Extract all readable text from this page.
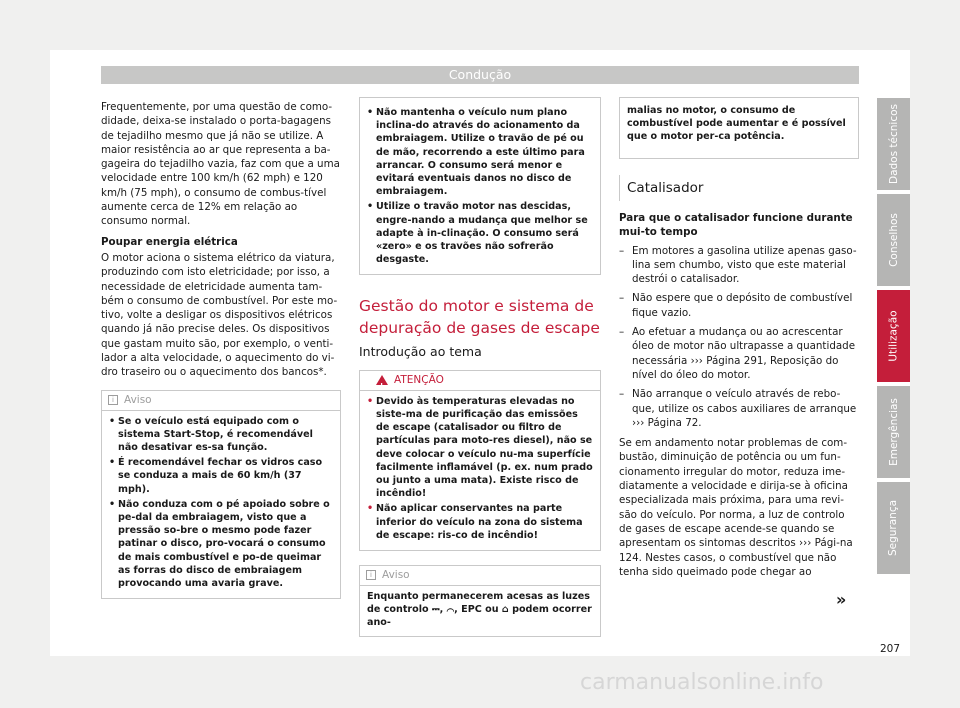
Condução

Frequentemente, por uma questão de como-didade, deixa-se instalado o porta-bagagens de tejadilho mesmo que já não se utilize. A maior resistência ao ar que representa a ba-gageira do tejadilho vazia, faz com que a uma velocidade entre 100 km/h (62 mph) e 120 km/h (75 mph), o consumo de combus-tível aumente cerca de 12% em relação ao consumo normal.

Poupar energia elétrica

O motor aciona o sistema elétrico da viatura, produzindo com isto eletricidade; por isso, a necessidade de eletricidade aumenta tam-bém o consumo de combustível. Por este mo-tivo, volte a desligar os dispositivos elétricos quando já não precise deles. Os dispositivos que gastam muito são, por exemplo, o venti-lador a alta velocidade, o aquecimento do vi-dro traseiro ou o aquecimento dos bancos*.

i Aviso
• Se o veículo está equipado com o sistema Start-Stop, é recomendável não desativar es-sa função.
• É recomendável fechar os vidros caso se conduza a mais de 60 km/h (37 mph).
• Não conduza com o pé apoiado sobre o pe-dal da embraiagem, visto que a pressão so-bre o mesmo pode fazer patinar o disco, pro-vocará o consumo de mais combustível e po-de queimar as forras do disco de embraiagem provocando uma avaria grave.
• Não mantenha o veículo num plano inclina-do através do acionamento da embraiagem. Utilize o travão de pé ou de mão, recorrendo a este último para arrancar. O consumo será menor e evitará eventuais danos no disco de embraiagem.
• Utilize o travão motor nas descidas, engre-nando a mudança que melhor se adapte à in-clinação. O consumo será «zero» e os travões não sofrerão desgaste.
Gestão do motor e sistema de depuração de gases de escape
Introdução ao tema
!
ATENÇÃO
• Devido às temperaturas elevadas no siste-ma de purificação das emissões de escape (catalisador ou filtro de partículas para moto-res diesel), não se deve colocar o veículo nu-ma superfície facilmente inflamável (p. ex. num prado ou junto a uma mata). Existe risco de incêndio!
• Não aplicar conservantes na parte inferior do veículo na zona do sistema de escape: ris-co de incêndio!
i Aviso
Enquanto permanecerem acesas as luzes de controlo ⎓, ⌒, EPC ou ⌂ podem ocorrer ano-
malias no motor, o consumo de combustível pode aumentar e é possível que o motor per-ca potência.
Catalisador

Para que o catalisador funcione durante mui-to tempo

– Em motores a gasolina utilize apenas gaso-lina sem chumbo, visto que este material destrói o catalisador.
– Não espere que o depósito de combustível fique vazio.
– Ao efetuar a mudança ou ao acrescentar óleo de motor não ultrapasse a quantidade necessária ››› Página 291, Reposição do nível do óleo do motor.
– Não arranque o veículo através de rebo-que, utilize os cabos auxiliares de arranque ››› Página 72.

Se em andamento notar problemas de com-bustão, diminuição de potência ou um fun-cionamento irregular do motor, reduza ime-diatamente a velocidade e dirija-se à oficina especializada mais próxima, para uma revi-são do veículo. Por norma, a luz de controlo de gases de escape acende-se quando se apresentam os sintomas descritos ››› Pági-na 124. Nestes casos, o combustível que não tenha sido queimado pode chegar ao

»
Dados técnicos
Conselhos
Utilização
Emergências
Segurança
207
carmanualsonline.info
